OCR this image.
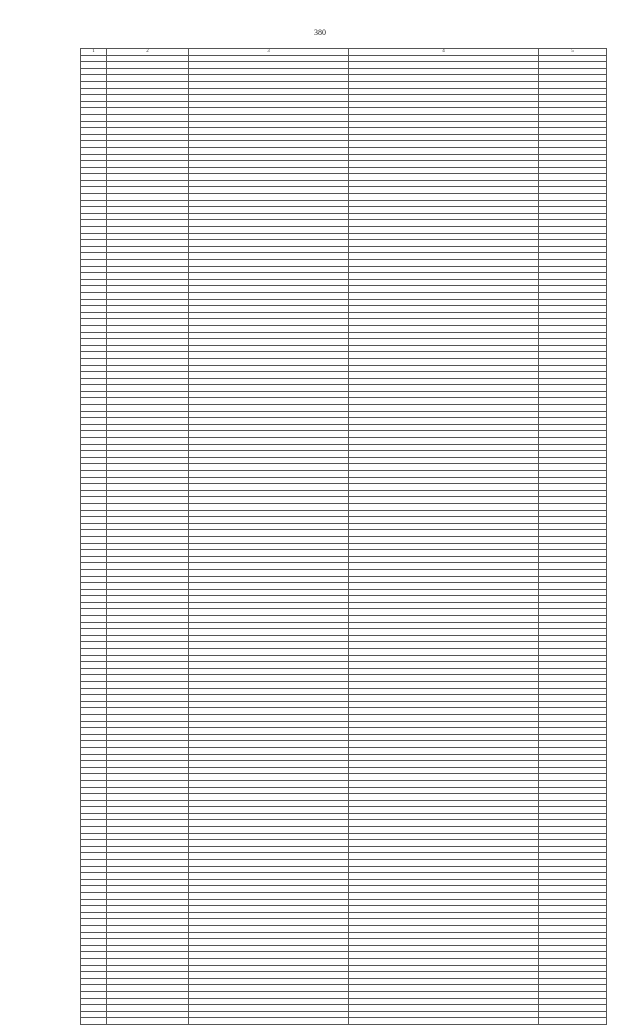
380
1	2	3	4	5
